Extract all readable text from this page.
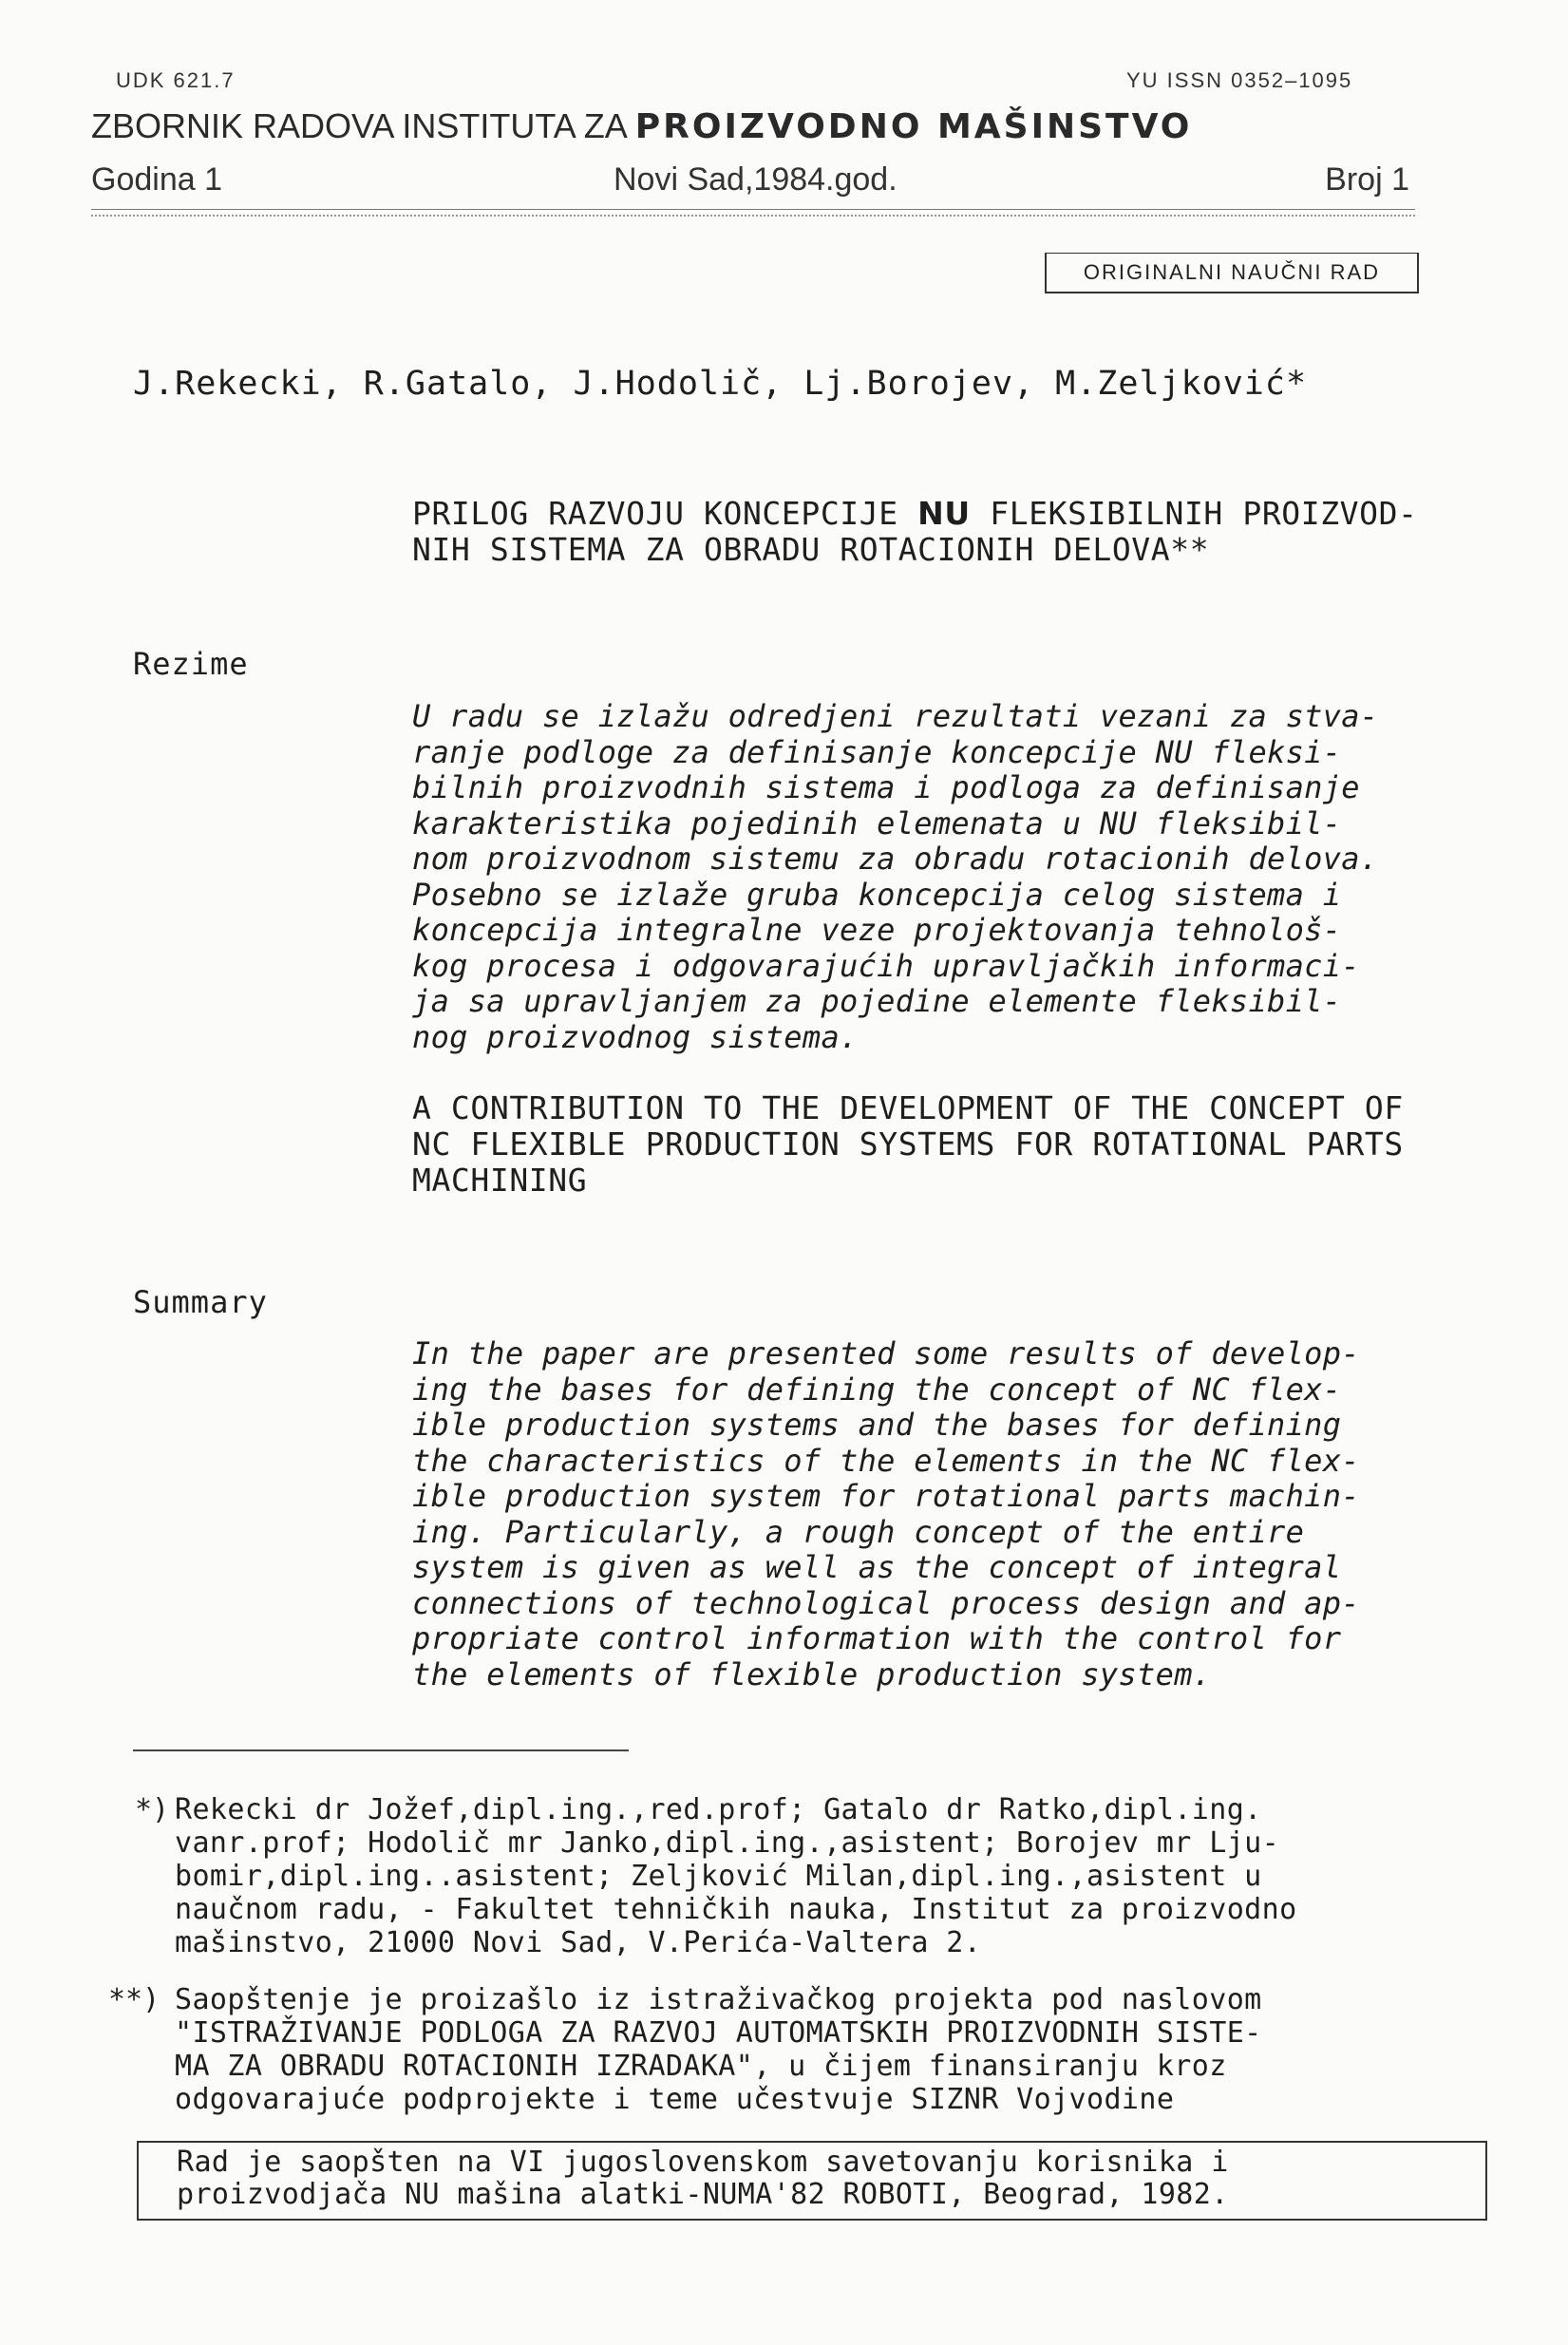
UDK 621.7	YU ISSN 0352–1095
ZBORNIK RADOVA INSTITUTA ZA PROIZVODNO MAŠINSTVO
Godina 1	Novi Sad,1984.god.	Broj 1
ORIGINALNI NAUČNI RAD
J.Rekecki, R.Gatalo, J.Hodolič, Lj.Borojev, M.Zeljković*
PRILOG RAZVOJU KONCEPCIJE NU FLEKSIBILNIH PROIZVOD-
NIH SISTEMA ZA OBRADU ROTACIONIH DELOVA**
Rezime
U radu se izlažu odredjeni rezultati vezani za stva-
ranje podloge za definisanje koncepcije NU fleksi-
bilnih proizvodnih sistema i podloga za definisanje
karakteristika pojedinih elemenata u NU fleksibil-
nom proizvodnom sistemu za obradu rotacionih delova.
Posebno se izlaže gruba koncepcija celog sistema i
koncepcija integralne veze projektovanja tehnološ-
kog procesa i odgovarajućih upravljačkih informaci-
ja sa upravljanjem za pojedine elemente fleksibil-
nog proizvodnog sistema.
A CONTRIBUTION TO THE DEVELOPMENT OF THE CONCEPT OF
NC FLEXIBLE PRODUCTION SYSTEMS FOR ROTATIONAL PARTS
MACHINING
Summary
In the paper are presented some results of develop-
ing the bases for defining the concept of NC flex-
ible production systems and the bases for defining
the characteristics of the elements in the NC flex-
ible production system for rotational parts machin-
ing. Particularly, a rough concept of the entire
system is given as well as the concept of integral
connections of technological process design and ap-
propriate control information with the control for
the elements of flexible production system.
*) Rekecki dr Jožef,dipl.ing.,red.prof; Gatalo dr Ratko,dipl.ing.
vanr.prof; Hodolič mr Janko,dipl.ing.,asistent; Borojev mr Lju-
bomir,dipl.ing..asistent; Zeljković Milan,dipl.ing.,asistent u
naučnom radu, - Fakultet tehničkih nauka, Institut za proizvodno
mašinstvo, 21000 Novi Sad, V.Perića-Valtera 2.
**) Saopštenje je proizašlo iz istraživačkog projekta pod naslovom
"ISTRAŽIVANJE PODLOGA ZA RAZVOJ AUTOMATSKIH PROIZVODNIH SISTE-
MA ZA OBRADU ROTACIONIH IZRADAKA", u čijem finansiranju kroz
odgovarajuće podprojekte i teme učestvuje SIZNR Vojvodine
Rad je saopšten na VI jugoslovenskom savetovanju korisnika i
proizvodjača NU mašina alatki-NUMA'82 ROBOTI, Beograd, 1982.
